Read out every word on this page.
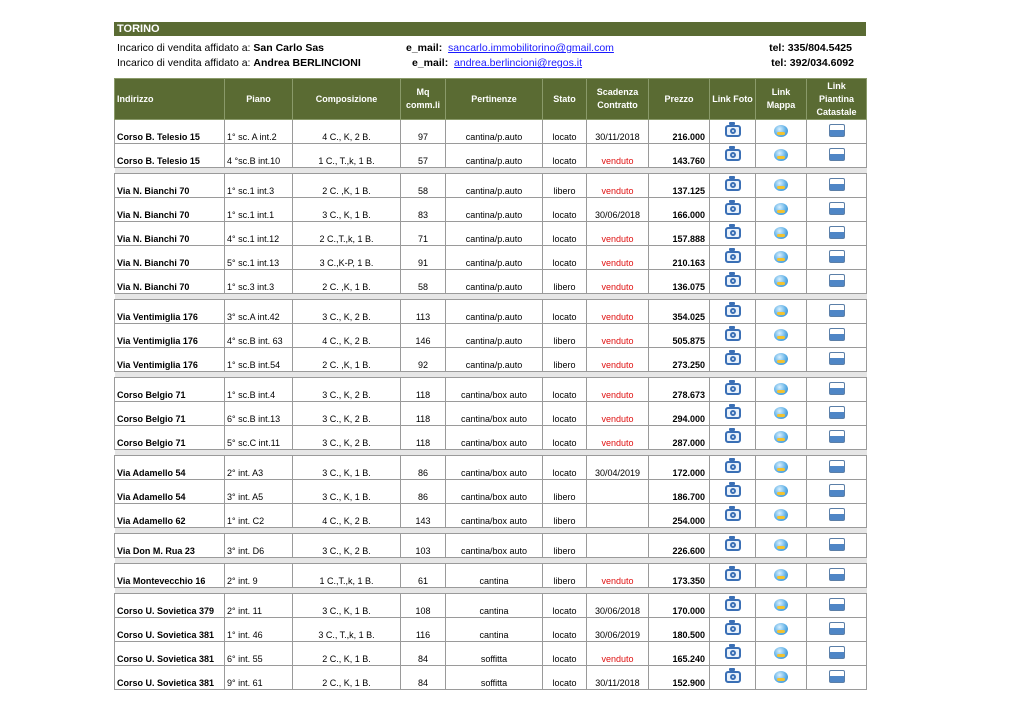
TORINO
Incarico di vendita affidato a: San Carlo Sas	e_mail: sancarlo.immobilitorino@gmail.com	tel: 335/804.5425
Incarico di vendita affidato a: Andrea BERLINCIONI	e_mail: andrea.berlincioni@regos.it	tel: 392/034.6092
Indirizzo	Piano	Composizione	Mq comm.li	Pertinenze	Stato	Scadenza Contratto	Prezzo	Link Foto	Link Mappa	Link Piantina Catastale
Corso B. Telesio 15	1° sc. A int.2	4 C., K, 2 B.	97	cantina/p.auto	locato	30/11/2018	216.000			
Corso B. Telesio 15	4 °sc.B int.10	1 C., T.,k, 1 B.	57	cantina/p.auto	locato	venduto	143.760			

Via N. Bianchi 70	1° sc.1 int.3	2 C. ,K, 1 B.	58	cantina/p.auto	libero	venduto	137.125			
Via N. Bianchi 70	1° sc.1 int.1	3 C., K, 1 B.	83	cantina/p.auto	locato	30/06/2018	166.000			
Via N. Bianchi 70	4° sc.1 int.12	2 C.,T.,k, 1 B.	71	cantina/p.auto	locato	venduto	157.888			
Via N. Bianchi 70	5° sc.1 int.13	3 C.,K-P, 1 B.	91	cantina/p.auto	locato	venduto	210.163			
Via N. Bianchi 70	1° sc.3 int.3	2 C. ,K, 1 B.	58	cantina/p.auto	libero	venduto	136.075			

Via Ventimiglia 176	3° sc.A int.42	3 C., K, 2 B.	113	cantina/p.auto	locato	venduto	354.025			
Via Ventimiglia 176	4° sc.B int. 63	4 C., K, 2 B.	146	cantina/p.auto	libero	venduto	505.875			
Via Ventimiglia 176	1° sc.B int.54	2 C. ,K, 1 B.	92	cantina/p.auto	libero	venduto	273.250			

Corso Belgio 71	1° sc.B int.4	3 C., K, 2 B.	118	cantina/box auto	locato	venduto	278.673			
Corso Belgio 71	6° sc.B int.13	3 C., K, 2 B.	118	cantina/box auto	locato	venduto	294.000			
Corso Belgio 71	5° sc.C int.11	3 C., K, 2 B.	118	cantina/box auto	locato	venduto	287.000			

Via Adamello 54	2° int. A3	3 C., K, 1 B.	86	cantina/box auto	locato	30/04/2019	172.000			
Via Adamello 54	3° int. A5	3 C., K, 1 B.	86	cantina/box auto	libero		186.700			
Via Adamello 62	1° int. C2	4 C., K, 2 B.	143	cantina/box auto	libero		254.000			

Via Don M. Rua 23	3° int. D6	3 C., K, 2 B.	103	cantina/box auto	libero		226.600			

Via Montevecchio 16	2° int. 9	1 C.,T.,k, 1 B.	61	cantina	libero	venduto	173.350			

Corso U. Sovietica 379	2° int. 11	3 C., K, 1 B.	108	cantina	locato	30/06/2018	170.000			
Corso U. Sovietica 381	1° int. 46	3 C., T.,k, 1 B.	116	cantina	locato	30/06/2019	180.500			
Corso U. Sovietica 381	6° int. 55	2 C., K, 1 B.	84	soffitta	locato	venduto	165.240			
Corso U. Sovietica 381	9° int. 61	2 C., K, 1 B.	84	soffitta	locato	30/11/2018	152.900			
